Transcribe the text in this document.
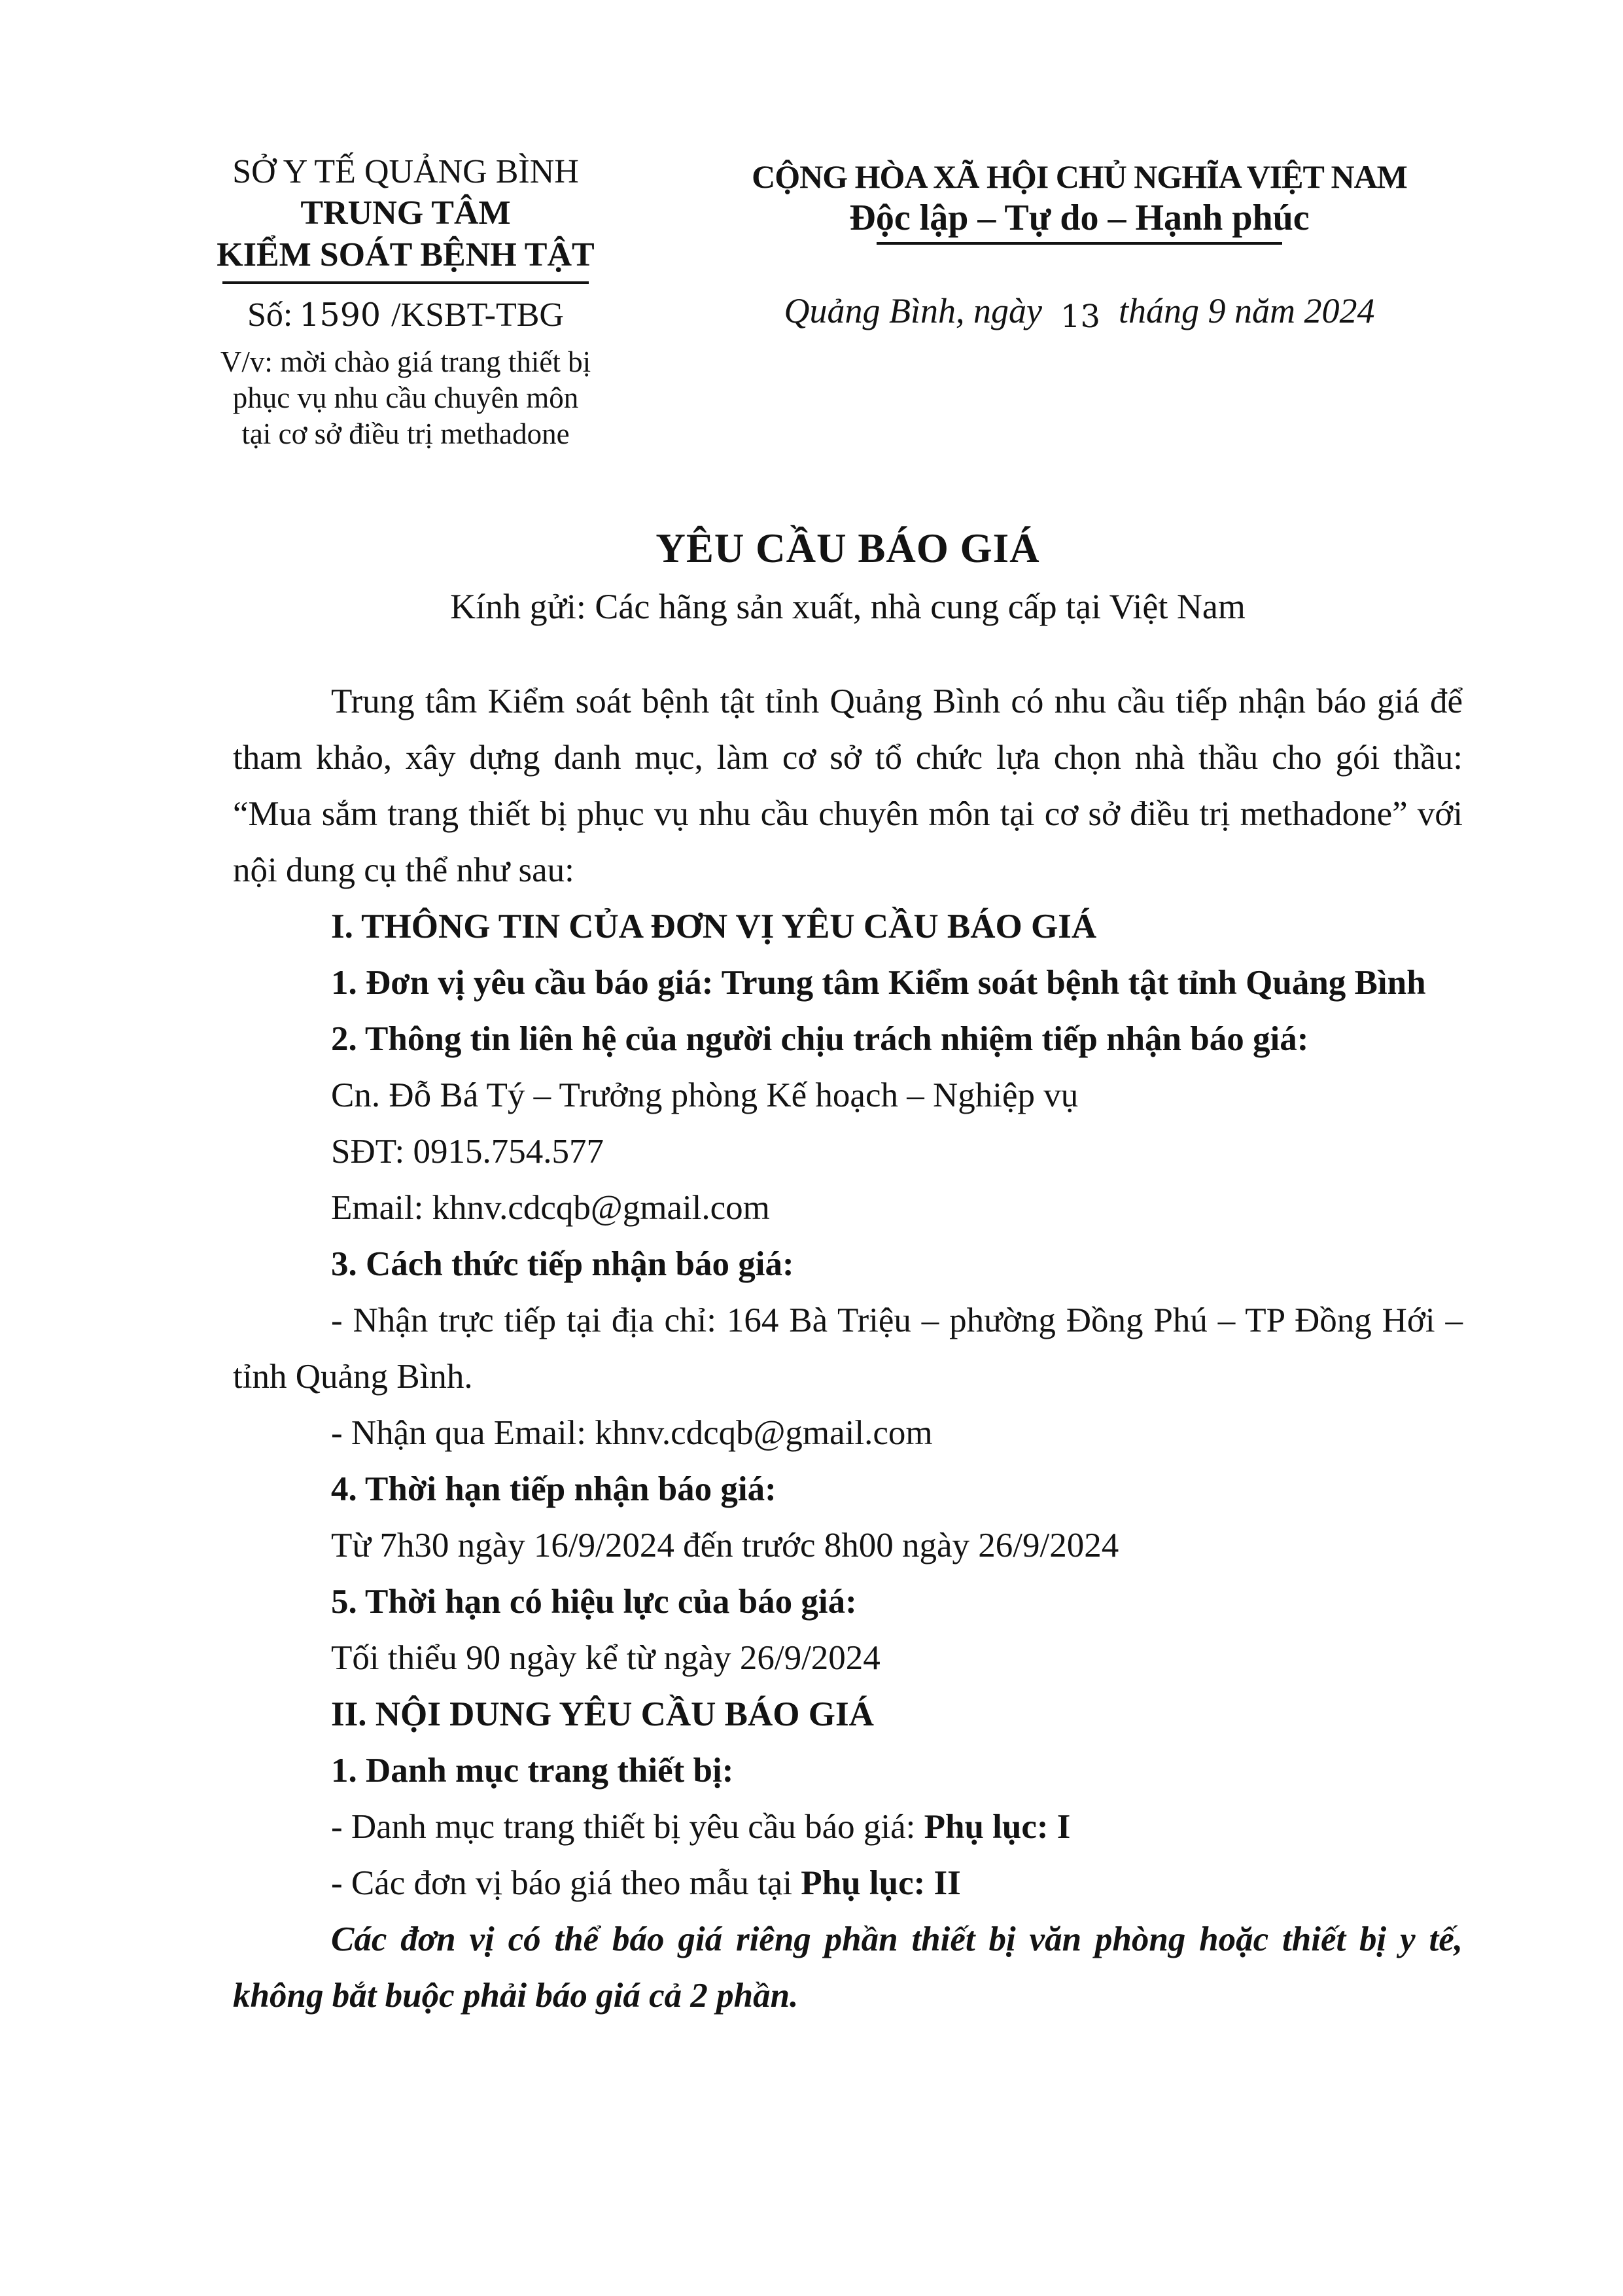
SỞ Y TẾ QUẢNG BÌNH
TRUNG TÂM
KIỂM SOÁT BỆNH TẬT
Số: 1590 /KSBT-TBG
V/v: mời chào giá trang thiết bị
phục vụ nhu cầu chuyên môn
tại cơ sở điều trị methadone
CỘNG HÒA XÃ HỘI CHỦ NGHĨA VIỆT NAM
Độc lập – Tự do – Hạnh phúc
Quảng Bình, ngày 13 tháng 9 năm 2024
YÊU CẦU BÁO GIÁ
Kính gửi: Các hãng sản xuất, nhà cung cấp tại Việt Nam

Trung tâm Kiểm soát bệnh tật tỉnh Quảng Bình có nhu cầu tiếp nhận báo giá để tham khảo, xây dựng danh mục, làm cơ sở tổ chức lựa chọn nhà thầu cho gói thầu: “Mua sắm trang thiết bị phục vụ nhu cầu chuyên môn tại cơ sở điều trị methadone” với nội dung cụ thể như sau:

I. THÔNG TIN CỦA ĐƠN VỊ YÊU CẦU BÁO GIÁ

1. Đơn vị yêu cầu báo giá: Trung tâm Kiểm soát bệnh tật tỉnh Quảng Bình

2. Thông tin liên hệ của người chịu trách nhiệm tiếp nhận báo giá:

Cn. Đỗ Bá Tý – Trưởng phòng Kế hoạch – Nghiệp vụ

SĐT: 0915.754.577

Email: khnv.cdcqb@gmail.com

3. Cách thức tiếp nhận báo giá:

- Nhận trực tiếp tại địa chỉ: 164 Bà Triệu – phường Đồng Phú – TP Đồng Hới – tỉnh Quảng Bình.

- Nhận qua Email: khnv.cdcqb@gmail.com

4. Thời hạn tiếp nhận báo giá:

Từ 7h30 ngày 16/9/2024 đến trước 8h00 ngày 26/9/2024

5. Thời hạn có hiệu lực của báo giá:

Tối thiểu 90 ngày kể từ ngày 26/9/2024

II. NỘI DUNG YÊU CẦU BÁO GIÁ

1. Danh mục trang thiết bị:

- Danh mục trang thiết bị yêu cầu báo giá: Phụ lục: I

- Các đơn vị báo giá theo mẫu tại Phụ lục: II

Các đơn vị có thể báo giá riêng phần thiết bị văn phòng hoặc thiết bị y tế, không bắt buộc phải báo giá cả 2 phần.
